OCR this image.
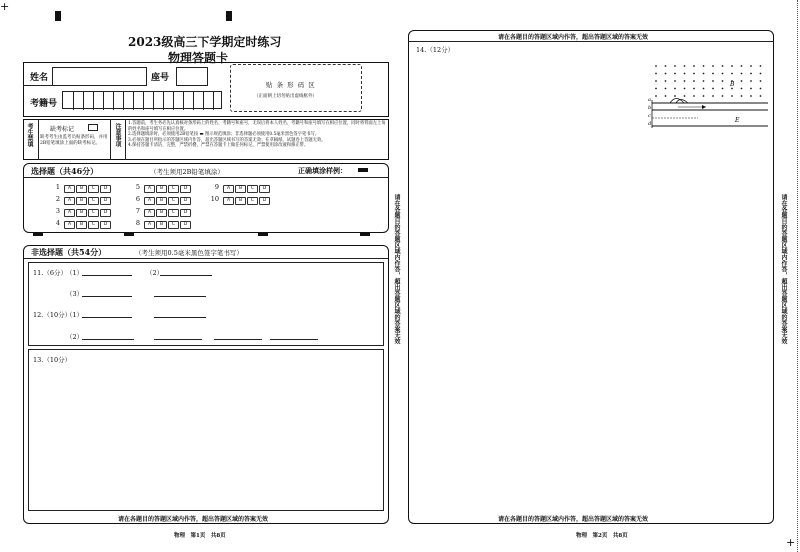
+
+
2023级高三下学期定时练习
物理答题卡
姓名	座号
考籍号
贴 条 形 码 区
（正面朝上切勿贴出虚线框外）
考生禁填	缺考标记
缺考考生由监考员贴条形码，并用2B铅笔填涂上面的缺考标记。	注意事项 1.答题前，考生务必先认真核对条形码上的姓名、考籍号和座号，无误后将本人姓名、考籍号和座号填写在相应位置，同时将背面左上角的姓名和座号填写在相应位置。
2.选择题填涂时，必须使用2B铅笔按 ▬ 图示规范填涂；非选择题必须使用0.5毫米黑色签字笔书写。
3.必须在题目所指示的答题区域内作答，超出答题区域书写的答案无效；在草稿纸、试题卷上答题无效。
4.保持答题卡清洁、完整，严禁折叠，严禁在答题卡上做任何标记，严禁使用涂改液和修正带。
选择题（共46分）	（考生须用2B铅笔填涂）	正确填涂样例：
1 A B C D
2 A B C D
3 A B C D
4 A B C D
5 A B C D
6 A B C D
7 A B C D
8 A B C D
9 A B C D
10 A B C D
非选择题（共54分）	（考生须用0.5毫米黑色签字笔书写）
11.（6分） （1）	（2）
（3）
12.（10分）
（1）
（2）
13.（10分）
请在各题目的答题区域内作答，超出答题区域的答案无效
物理　第1页　共8页
请在各题目的答题区域内作答，超出答题区域的答案无效	请在各题目的答题区域内作答，超出答题区域的答案无效
请在各题目的答题区域内作答，超出答题区域的答案无效
14.（12分）
B
E
a
b
c
d
请在各题目的答题区域内作答，超出答题区域的答案无效
物理　第2页　共8页
